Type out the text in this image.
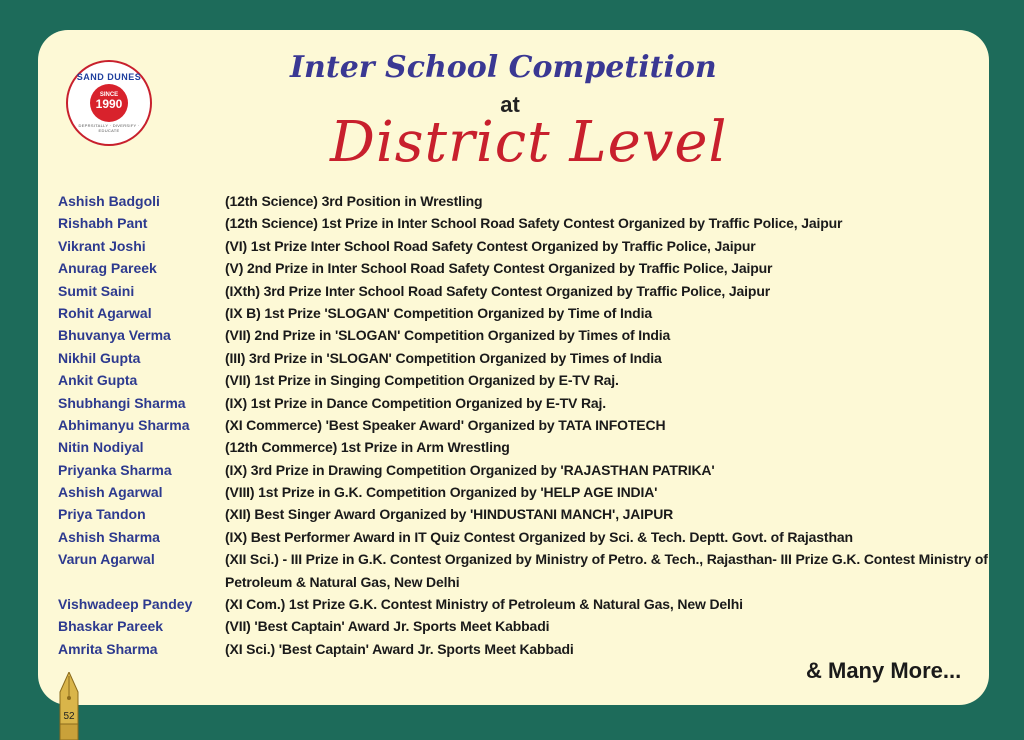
SAND DUNES
SINCE
1990
DEPRSITALLY · DIVERSIFY · EDUCATE
Inter School Competition
at
District Level
Ashish Badgoli	(12th Science) 3rd Position in Wrestling
Rishabh Pant	(12th Science) 1st Prize in Inter School Road Safety Contest Organized by Traffic Police, Jaipur
Vikrant Joshi	(VI) 1st Prize Inter School Road Safety Contest Organized by Traffic Police, Jaipur
Anurag Pareek	(V) 2nd Prize in Inter School Road Safety Contest Organized by Traffic Police, Jaipur
Sumit Saini	(IXth) 3rd Prize Inter School Road Safety Contest Organized by Traffic Police, Jaipur
Rohit Agarwal	(IX B) 1st Prize 'SLOGAN' Competition Organized by Time of India
Bhuvanya Verma	(VII) 2nd Prize in 'SLOGAN' Competition Organized by Times of India
Nikhil Gupta	(III) 3rd Prize in 'SLOGAN' Competition Organized by Times of India
Ankit Gupta	(VII) 1st Prize in Singing Competition Organized by E-TV Raj.
Shubhangi Sharma	(IX) 1st Prize in Dance Competition Organized by E-TV Raj.
Abhimanyu Sharma	(XI Commerce) 'Best Speaker Award' Organized by TATA INFOTECH
Nitin Nodiyal	(12th Commerce) 1st Prize in Arm Wrestling
Priyanka Sharma	(IX) 3rd Prize in Drawing Competition Organized by 'RAJASTHAN PATRIKA'
Ashish Agarwal	(VIII) 1st Prize in G.K. Competition Organized by 'HELP AGE INDIA'
Priya Tandon	(XII) Best Singer Award Organized by 'HINDUSTANI MANCH', JAIPUR
Ashish Sharma	(IX) Best Performer Award in IT Quiz Contest Organized by Sci. & Tech. Deptt. Govt. of Rajasthan
Varun Agarwal	(XII Sci.) - III Prize in G.K. Contest Organized by Ministry of Petro. & Tech., Rajasthan- III Prize G.K. Contest Ministry of Petroleum & Natural Gas, New Delhi
Vishwadeep Pandey	(XI Com.) 1st Prize G.K. Contest Ministry of Petroleum & Natural Gas, New Delhi
Bhaskar Pareek	(VII) 'Best Captain' Award Jr. Sports Meet Kabbadi
Amrita Sharma	(XI Sci.) 'Best Captain' Award Jr. Sports Meet Kabbadi
& Many More...
52
